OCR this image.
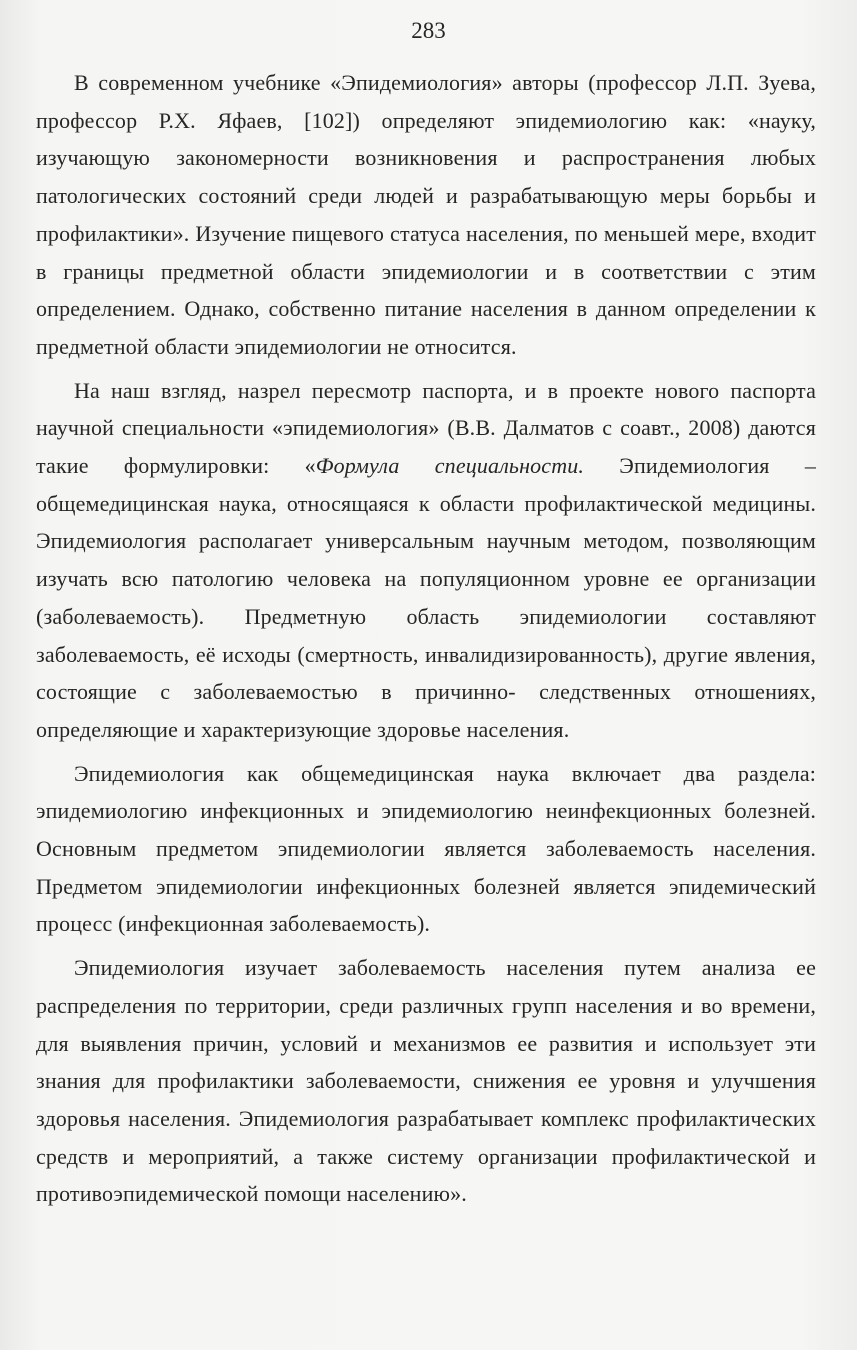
283

В современном учебнике «Эпидемиология» авторы (профессор Л.П. Зуева, профессор Р.Х. Яфаев, [102]) определяют эпидемиологию как: «науку, изучающую закономерности возникновения и распространения любых патологических состояний среди людей и разрабатывающую меры борьбы и профилактики». Изучение пищевого статуса населения, по меньшей мере, входит в границы предметной области эпидемиологии и в соответствии с этим определением. Однако, собственно питание населения в данном определении к предметной области эпидемиологии не относится.

На наш взгляд, назрел пересмотр паспорта, и в проекте нового паспорта научной специальности «эпидемиология» (В.В. Далматов с соавт., 2008) даются такие формулировки: «Формула специальности. Эпидемиология – общемедицинская наука, относящаяся к области профилактической медицины. Эпидемиология располагает универсальным научным методом, позволяющим изучать всю патологию человека на популяционном уровне ее организации (заболеваемость). Предметную область эпидемиологии составляют заболеваемость, её исходы (смертность, инвалидизированность), другие явления, состоящие с заболеваемостью в причинно- следственных отношениях, определяющие и характеризующие здоровье населения.

Эпидемиология как общемедицинская наука включает два раздела: эпидемиологию инфекционных и эпидемиологию неинфекционных болезней. Основным предметом эпидемиологии является заболеваемость населения. Предметом эпидемиологии инфекционных болезней является эпидемический процесс (инфекционная заболеваемость).

Эпидемиология изучает заболеваемость населения путем анализа ее распределения по территории, среди различных групп населения и во времени, для выявления причин, условий и механизмов ее развития и использует эти знания для профилактики заболеваемости, снижения ее уровня и улучшения здоровья населения. Эпидемиология разрабатывает комплекс профилактических средств и мероприятий, а также систему организации профилактической и противоэпидемической помощи населению».
